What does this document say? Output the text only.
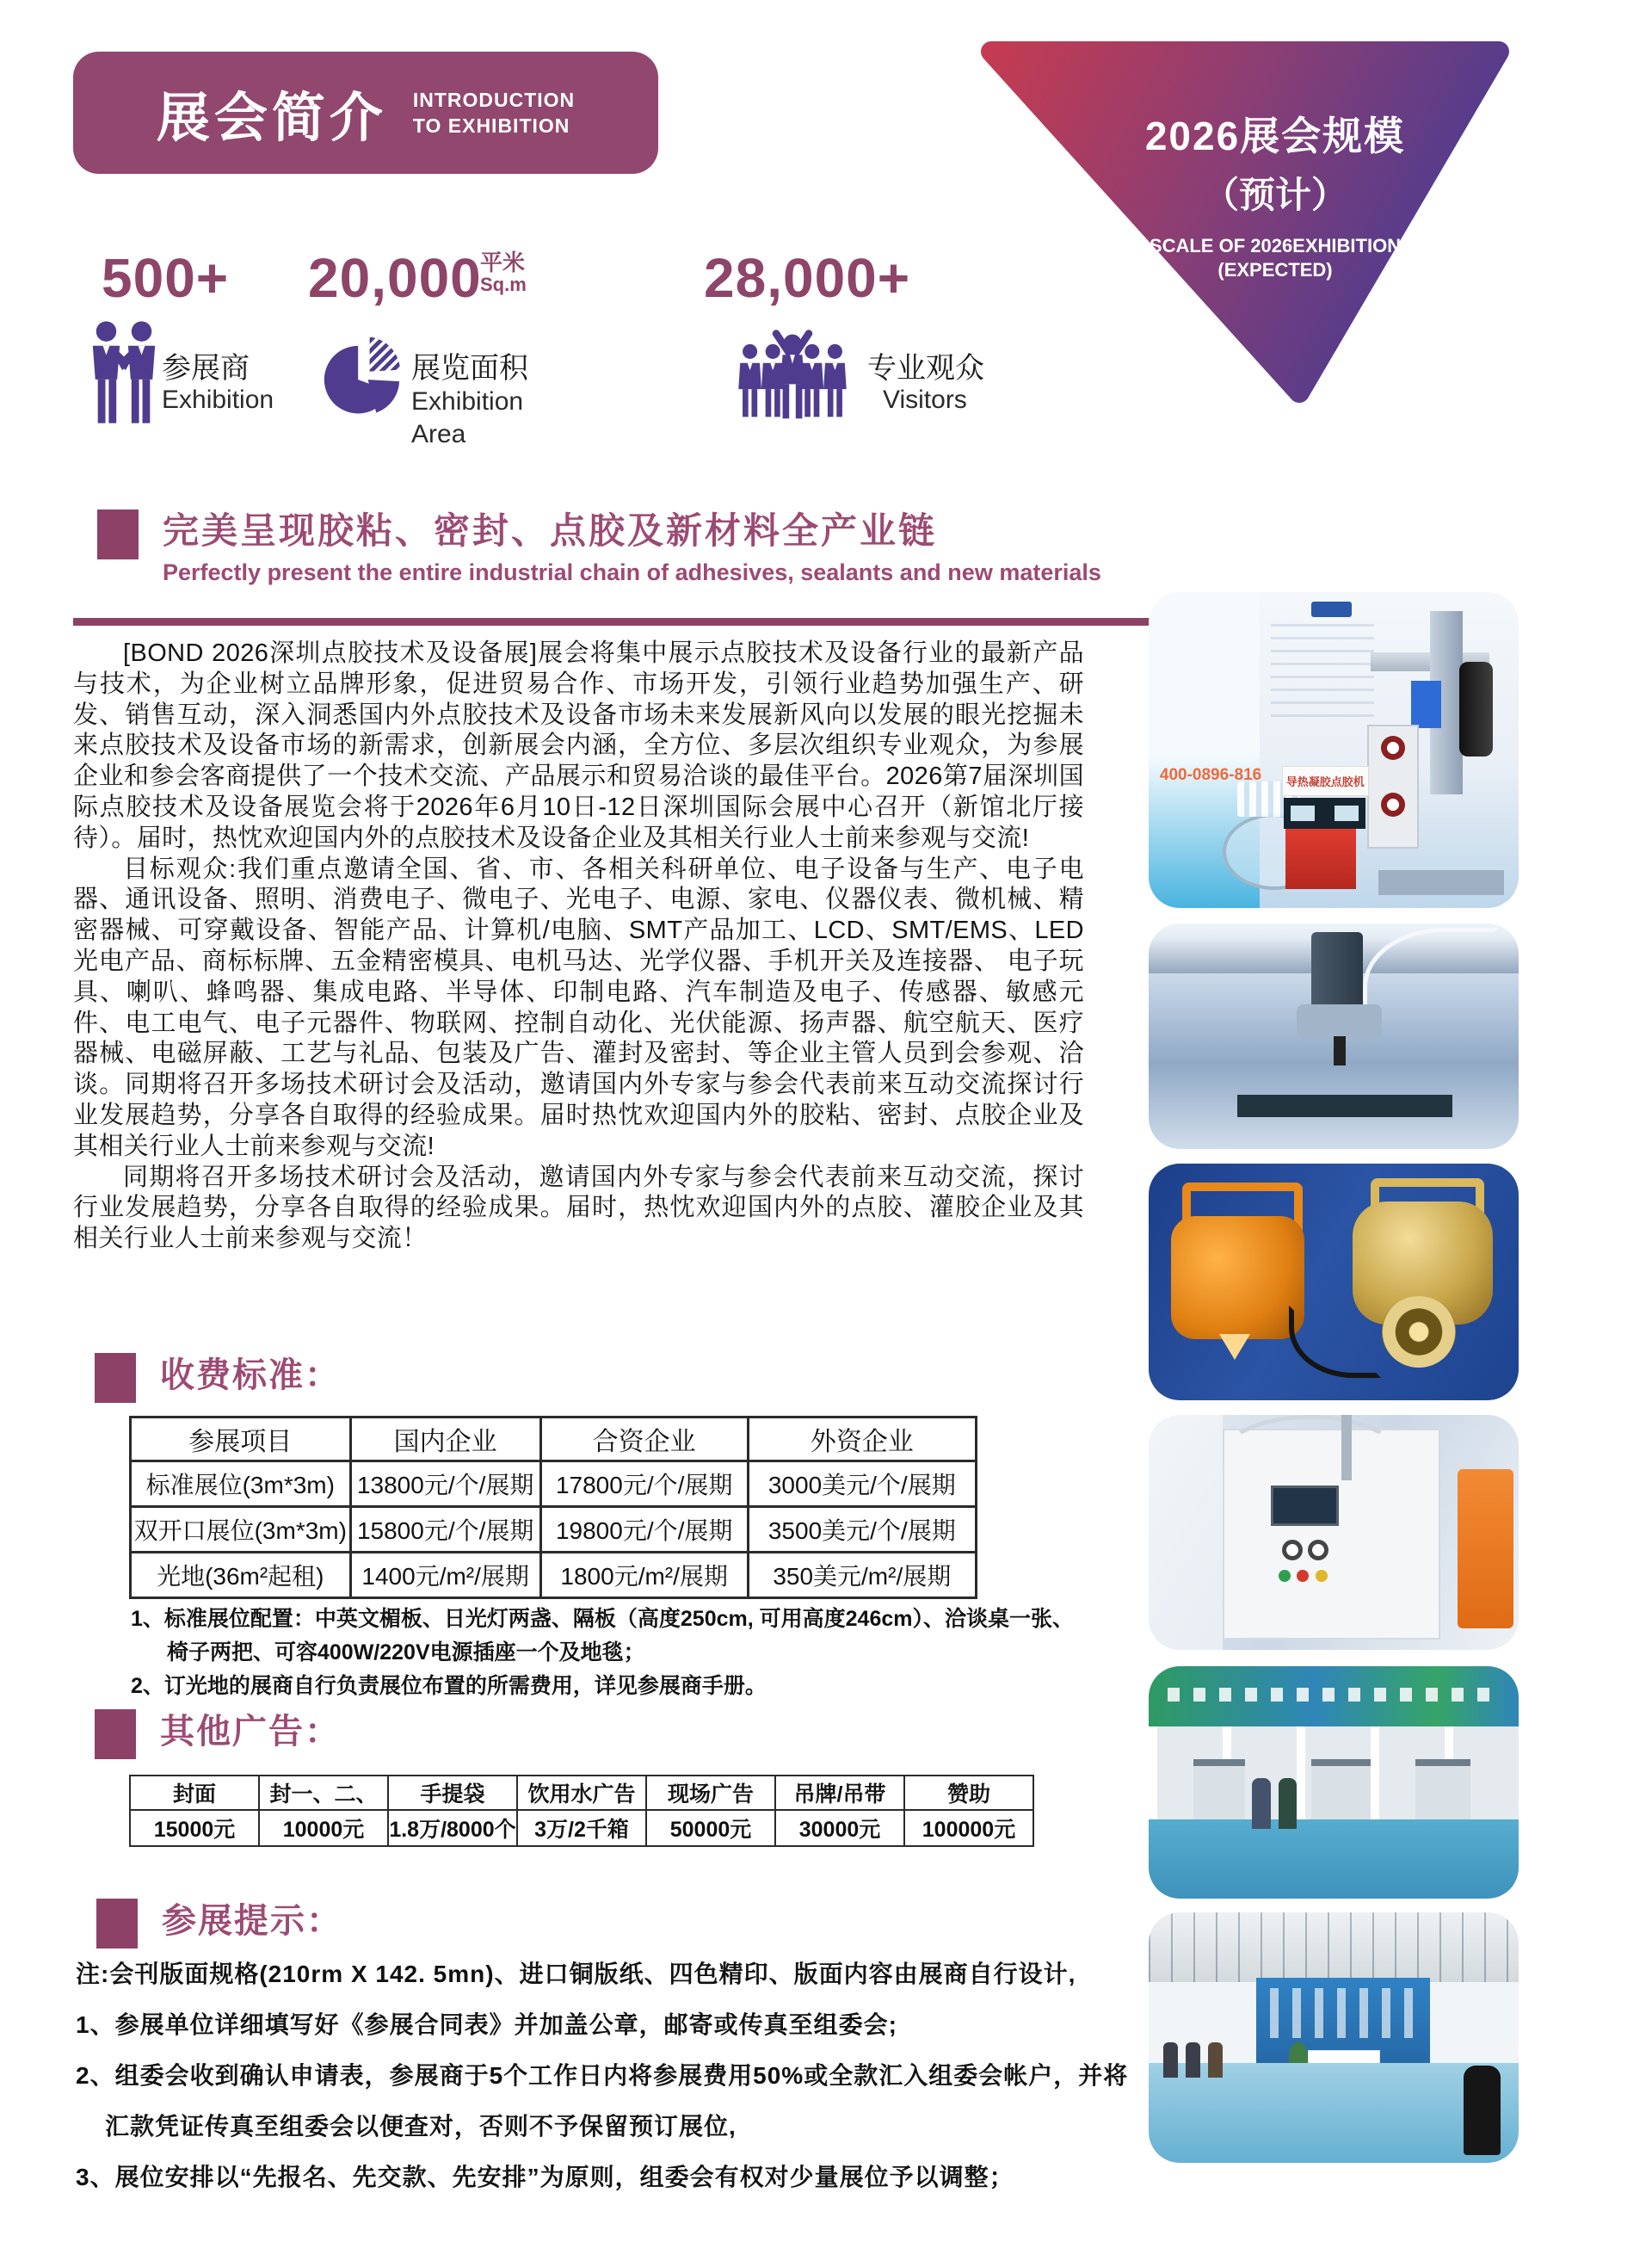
展会简介 INTRODUCTION
TO EXHIBITION	2026展会规模
（预计）
SCALE OF 2026EXHIBITION
(EXPECTED)
500+ 20,000
平米
Sq.m	28,000+
参展商
Exhibition
展览面积
Exhibition Area
专业观众
Visitors
完美呈现胶粘、密封、点胶及新材料全产业链
Perfectly present the entire industrial chain of adhesives, sealants and new materials

[BOND 2026深圳点胶技术及设备展]展会将集中展示点胶技术及设备行业的最新产品与技术，为企业树立品牌形象，促进贸易合作、市场开发，引领行业趋势加强生产、研发、销售互动，深入洞悉国内外点胶技术及设备市场未来发展新风向以发展的眼光挖掘未来点胶技术及设备市场的新需求，创新展会内涵，全方位、多层次组织专业观众，为参展企业和参会客商提供了一个技术交流、产品展示和贸易洽谈的最佳平台。2026第7届深圳国际点胶技术及设备展览会将于2026年6月10日-12日深圳国际会展中心召开（新馆北厅接待）。届时，热忱欢迎国内外的点胶技术及设备企业及其相关行业人士前来参观与交流!

目标观众:我们重点邀请全国、省、市、各相关科研单位、电子设备与生产、电子电器、通讯设备、照明、消费电子、微电子、光电子、电源、家电、仪器仪表、微机械、精密器械、可穿戴设备、智能产品、计算机/电脑、SMT产品加工、LCD、SMT/EMS、LED光电产品、商标标牌、五金精密模具、电机马达、光学仪器、手机开关及连接器、 电子玩具、喇叭、蜂鸣器、集成电路、半导体、印制电路、汽车制造及电子、传感器、敏感元件、电工电气、电子元器件、物联网、控制自动化、光伏能源、扬声器、航空航天、医疗器械、电磁屏蔽、工艺与礼品、包装及广告、灌封及密封、等企业主管人员到会参观、洽谈。同期将召开多场技术研讨会及活动，邀请国内外专家与参会代表前来互动交流探讨行业发展趋势，分享各自取得的经验成果。届时热忱欢迎国内外的胶粘、密封、点胶企业及其相关行业人士前来参观与交流!

同期将召开多场技术研讨会及活动，邀请国内外专家与参会代表前来互动交流，探讨行业发展趋势，分享各自取得的经验成果。届时，热忱欢迎国内外的点胶、灌胶企业及其相关行业人士前来参观与交流！

收费标准：
参展项目	国内企业	合资企业	外资企业
标准展位(3m*3m)	13800元/个/展期	17800元/个/展期	3000美元/个/展期
双开口展位(3m*3m)	15800元/个/展期	19800元/个/展期	3500美元/个/展期
光地(36m²起租)	1400元/m²/展期	1800元/m²/展期	350美元/m²/展期
1、标准展位配置：中英文楣板、日光灯两盏、隔板（高度250cm, 可用高度246cm）、洽谈桌一张、
椅子两把、可容400W/220V电源插座一个及地毯；
2、订光地的展商自行负责展位布置的所需费用，详见参展商手册。
其他广告：
封面	封一、二、	手提袋	饮用水广告	现场广告	吊牌/吊带	赞助
15000元	10000元	1.8万/8000个	3万/2千箱	50000元	30000元	100000元
参展提示：
注:会刊版面规格(210rm X 142. 5mn)、进口铜版纸、四色精印、版面内容由展商自行设计,
1、参展单位详细填写好《参展合同表》并加盖公章，邮寄或传真至组委会;
2、组委会收到确认申请表，参展商于5个工作日内将参展费用50%或全款汇入组委会帐户，并将
汇款凭证传真至组委会以便查对，否则不予保留预订展位,
3、展位安排以“先报名、先交款、先安排”为原则，组委会有权对少量展位予以调整；
导热凝胶点胶机
400-0896-816
